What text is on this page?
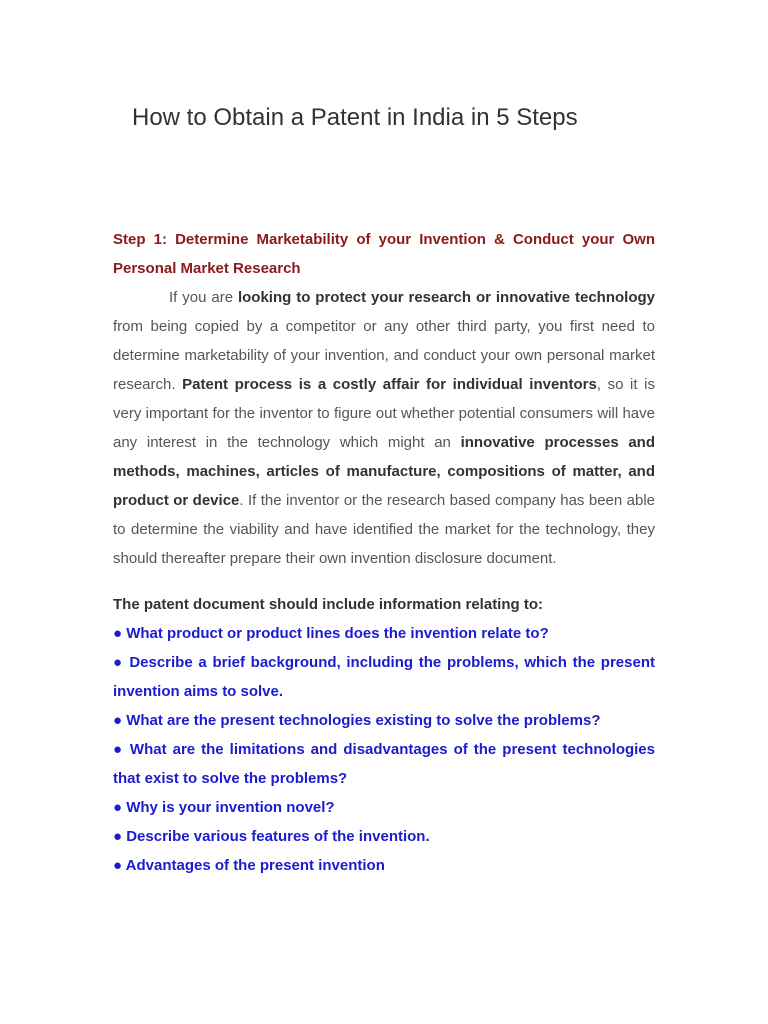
How to Obtain a Patent in India in 5 Steps

Step 1: Determine Marketability of your Invention & Conduct your Own Personal Market Research

If you are looking to protect your research or innovative technology from being copied by a competitor or any other third party, you first need to determine marketability of your invention, and conduct your own personal market research. Patent process is a costly affair for individual inventors, so it is very important for the inventor to figure out whether potential consumers will have any interest in the technology which might an innovative processes and methods, machines, articles of manufacture, compositions of matter, and product or device. If the inventor or the research based company has been able to determine the viability and have identified the market for the technology, they should thereafter prepare their own invention disclosure document.

The patent document should include information relating to:

● What product or product lines does the invention relate to?
● Describe a brief background, including the problems, which the present invention aims to solve.
● What are the present technologies existing to solve the problems?
● What are the limitations and disadvantages of the present technologies that exist to solve the problems?
● Why is your invention novel?
● Describe various features of the invention.
● Advantages of the present invention
